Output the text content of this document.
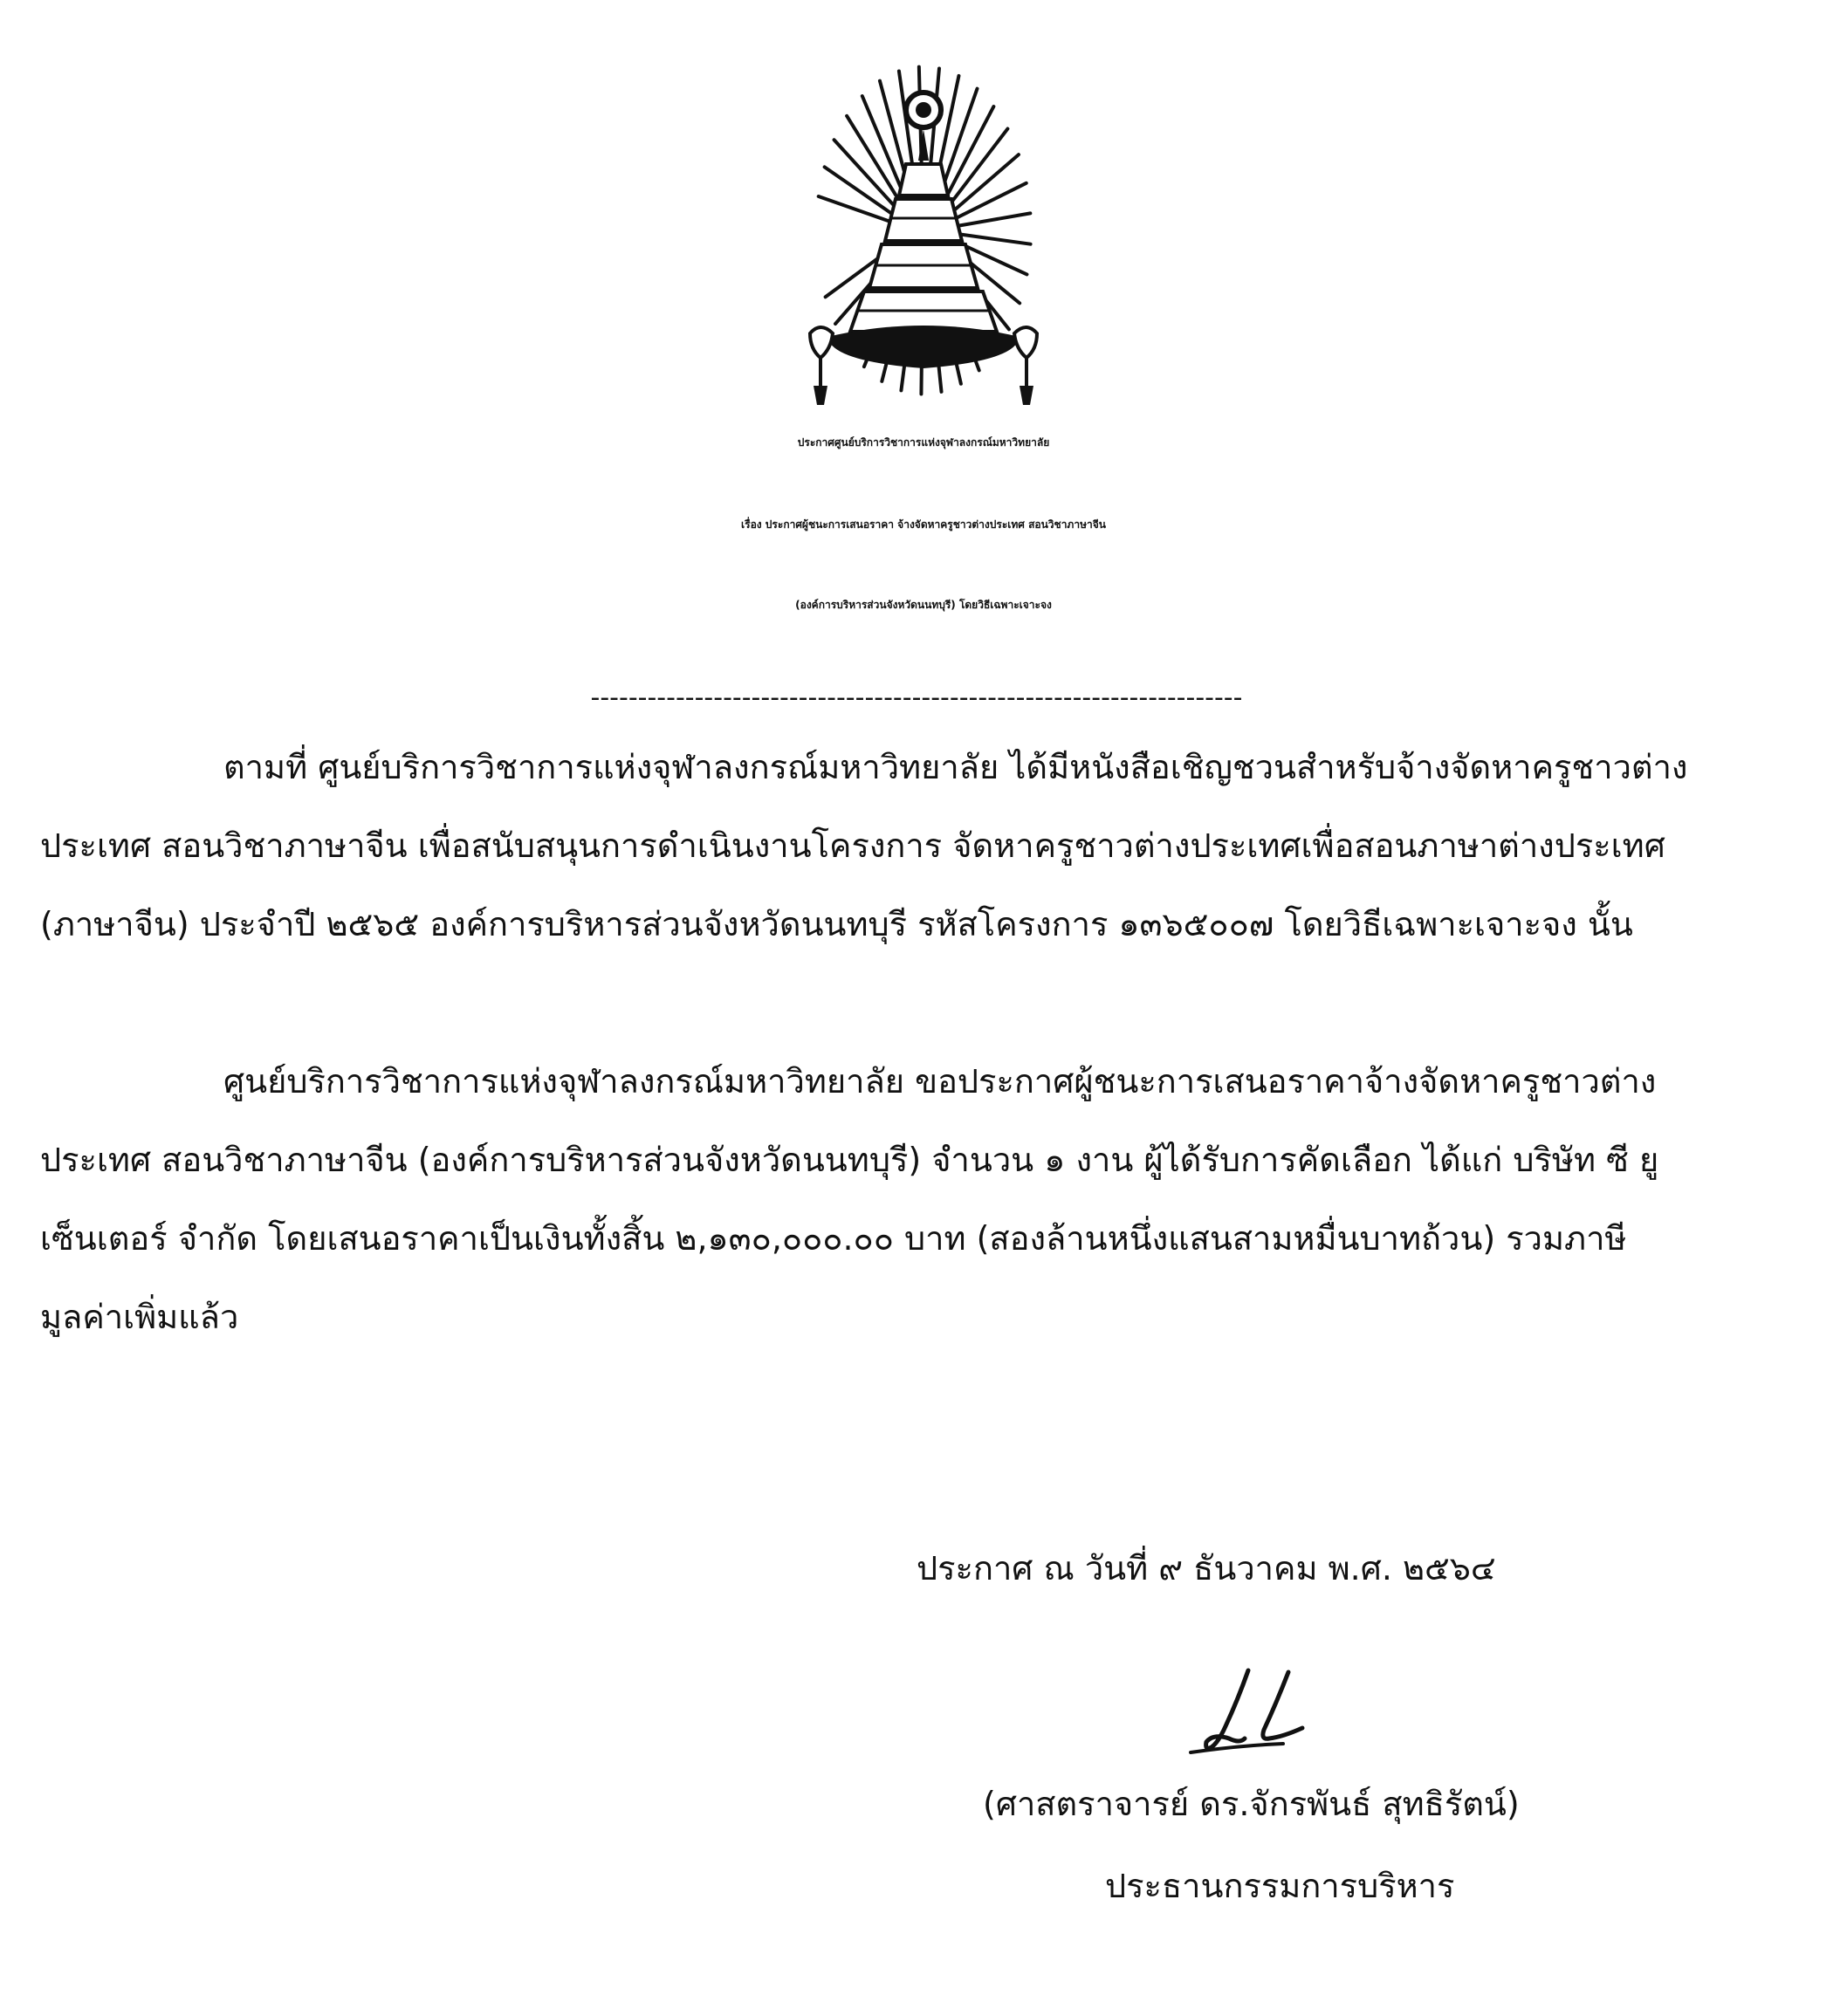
ประกาศศูนย์บริการวิชาการแห่งจุฬาลงกรณ์มหาวิทยาลัย
เรื่อง ประกาศผู้ชนะการเสนอราคา จ้างจัดหาครูชาวต่างประเทศ สอนวิชาภาษาจีน
(องค์การบริหารส่วนจังหวัดนนทบุรี) โดยวิธีเฉพาะเจาะจง
---------------------------------------------------------------------
ตามที่ ศูนย์บริการวิชาการแห่งจุฬาลงกรณ์มหาวิทยาลัย ได้มีหนังสือเชิญชวนสำหรับจ้างจัดหาครูชาวต่าง
ประเทศ สอนวิชาภาษาจีน เพื่อสนับสนุนการดำเนินงานโครงการ จัดหาครูชาวต่างประเทศเพื่อสอนภาษาต่างประเทศ
(ภาษาจีน) ประจำปี ๒๕๖๕ องค์การบริหารส่วนจังหวัดนนทบุรี รหัสโครงการ ๑๓๖๕๐๐๗ โดยวิธีเฉพาะเจาะจง นั้น
ศูนย์บริการวิชาการแห่งจุฬาลงกรณ์มหาวิทยาลัย ขอประกาศผู้ชนะการเสนอราคาจ้างจัดหาครูชาวต่าง
ประเทศ สอนวิชาภาษาจีน (องค์การบริหารส่วนจังหวัดนนทบุรี) จำนวน ๑ งาน ผู้ได้รับการคัดเลือก ได้แก่ บริษัท ซี ยู
เซ็นเตอร์ จำกัด โดยเสนอราคาเป็นเงินทั้งสิ้น ๒,๑๓๐,๐๐๐.๐๐ บาท (สองล้านหนึ่งแสนสามหมื่นบาทถ้วน) รวมภาษี
มูลค่าเพิ่มแล้ว
ประกาศ ณ วันที่ ๙ ธันวาคม พ.ศ. ๒๕๖๔
(ศาสตราจารย์ ดร.จักรพันธ์ สุทธิรัตน์)
ประธานกรรมการบริหาร
